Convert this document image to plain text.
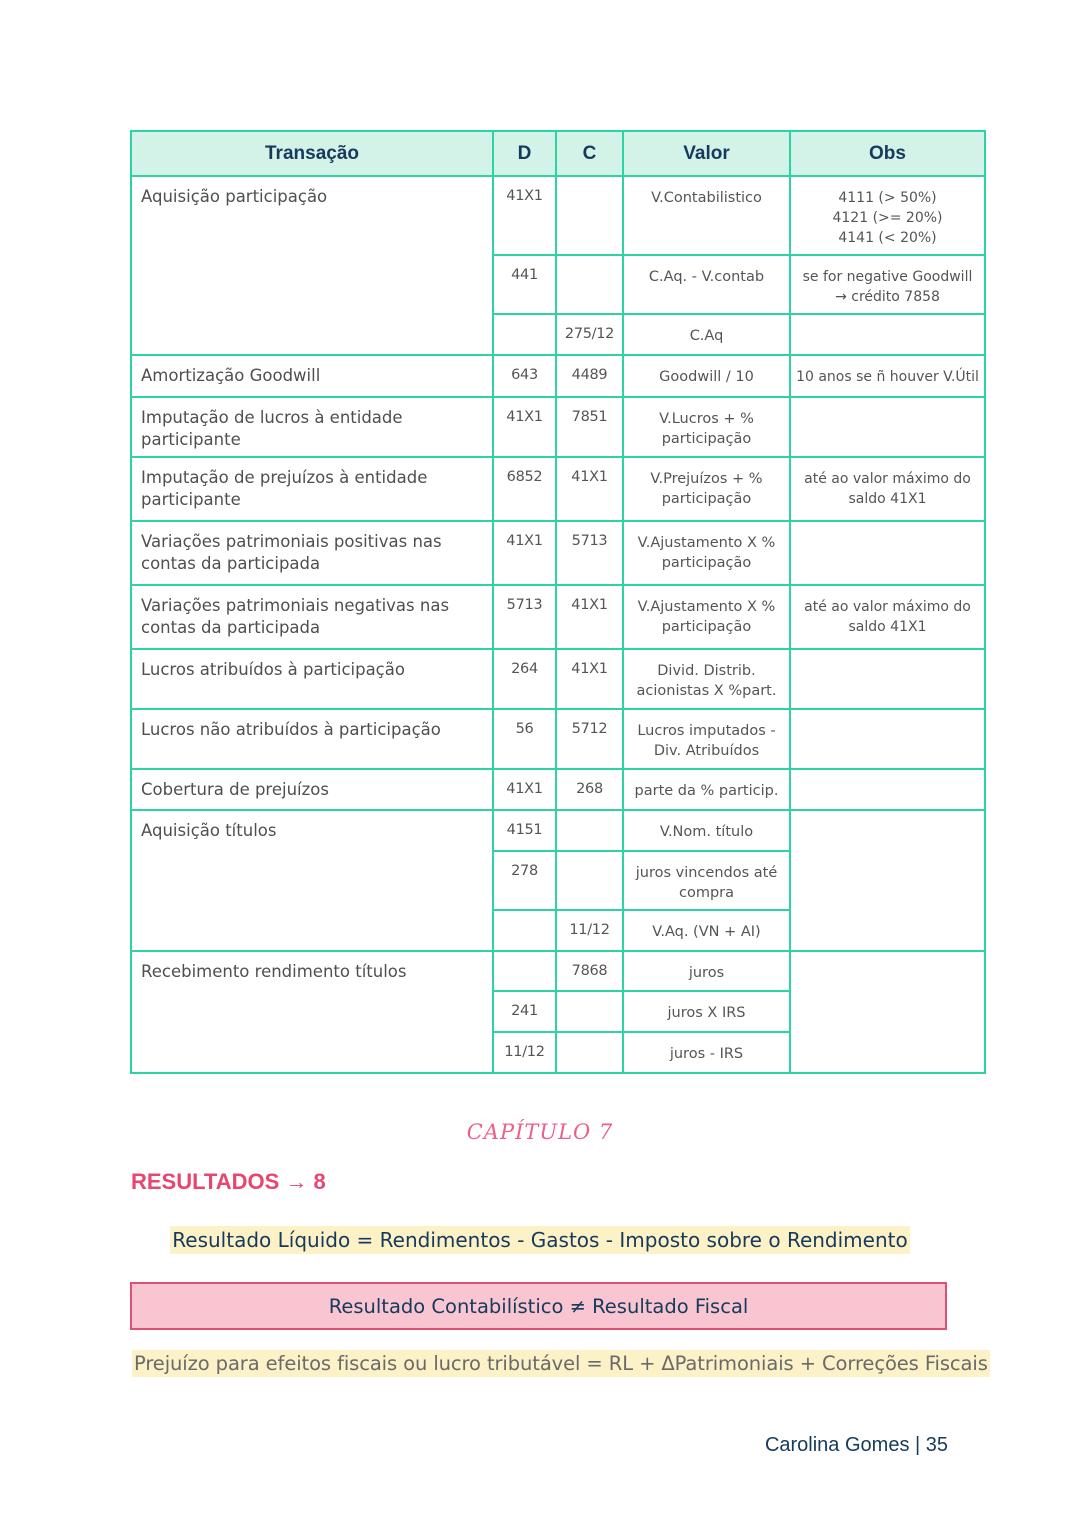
Transação	D	C	Valor	Obs
Aquisição participação	41X1		V.Contabilistico	4111 (> 50%)
4121 (>= 20%)
4141 (< 20%)
	441		C.Aq. - V.contab	se for negative Goodwill
→ crédito 7858
		275/12	C.Aq	
Amortização Goodwill	643	4489	Goodwill / 10	10 anos se ñ houver V.Útil
Imputação de lucros à entidade participante	41X1	7851	V.Lucros + %
participação	
Imputação de prejuízos à entidade participante	6852	41X1	V.Prejuízos + %
participação	até ao valor máximo do
saldo 41X1
Variações patrimoniais positivas nas contas da participada	41X1	5713	V.Ajustamento X %
participação	
Variações patrimoniais negativas nas contas da participada	5713	41X1	V.Ajustamento X %
participação	até ao valor máximo do
saldo 41X1
Lucros atribuídos à participação	264	41X1	Divid. Distrib.
acionistas X %part.	
Lucros não atribuídos à participação	56	5712	Lucros imputados -
Div. Atribuídos	
Cobertura de prejuízos	41X1	268	parte da % particip.	
Aquisição títulos	4151		V.Nom. título	
	278		juros vincendos até
compra	
		11/12	V.Aq. (VN + AI)	
Recebimento rendimento títulos		7868	juros	
	241		juros X IRS	
	11/12		juros - IRS	
CAPÍTULO 7
RESULTADOS → 8
Resultado Líquido = Rendimentos - Gastos - Imposto sobre o Rendimento
Resultado Contabilístico ≠ Resultado Fiscal
Prejuízo para efeitos fiscais ou lucro tributável = RL + ΔPatrimoniais + Correções Fiscais
Carolina Gomes | 35
